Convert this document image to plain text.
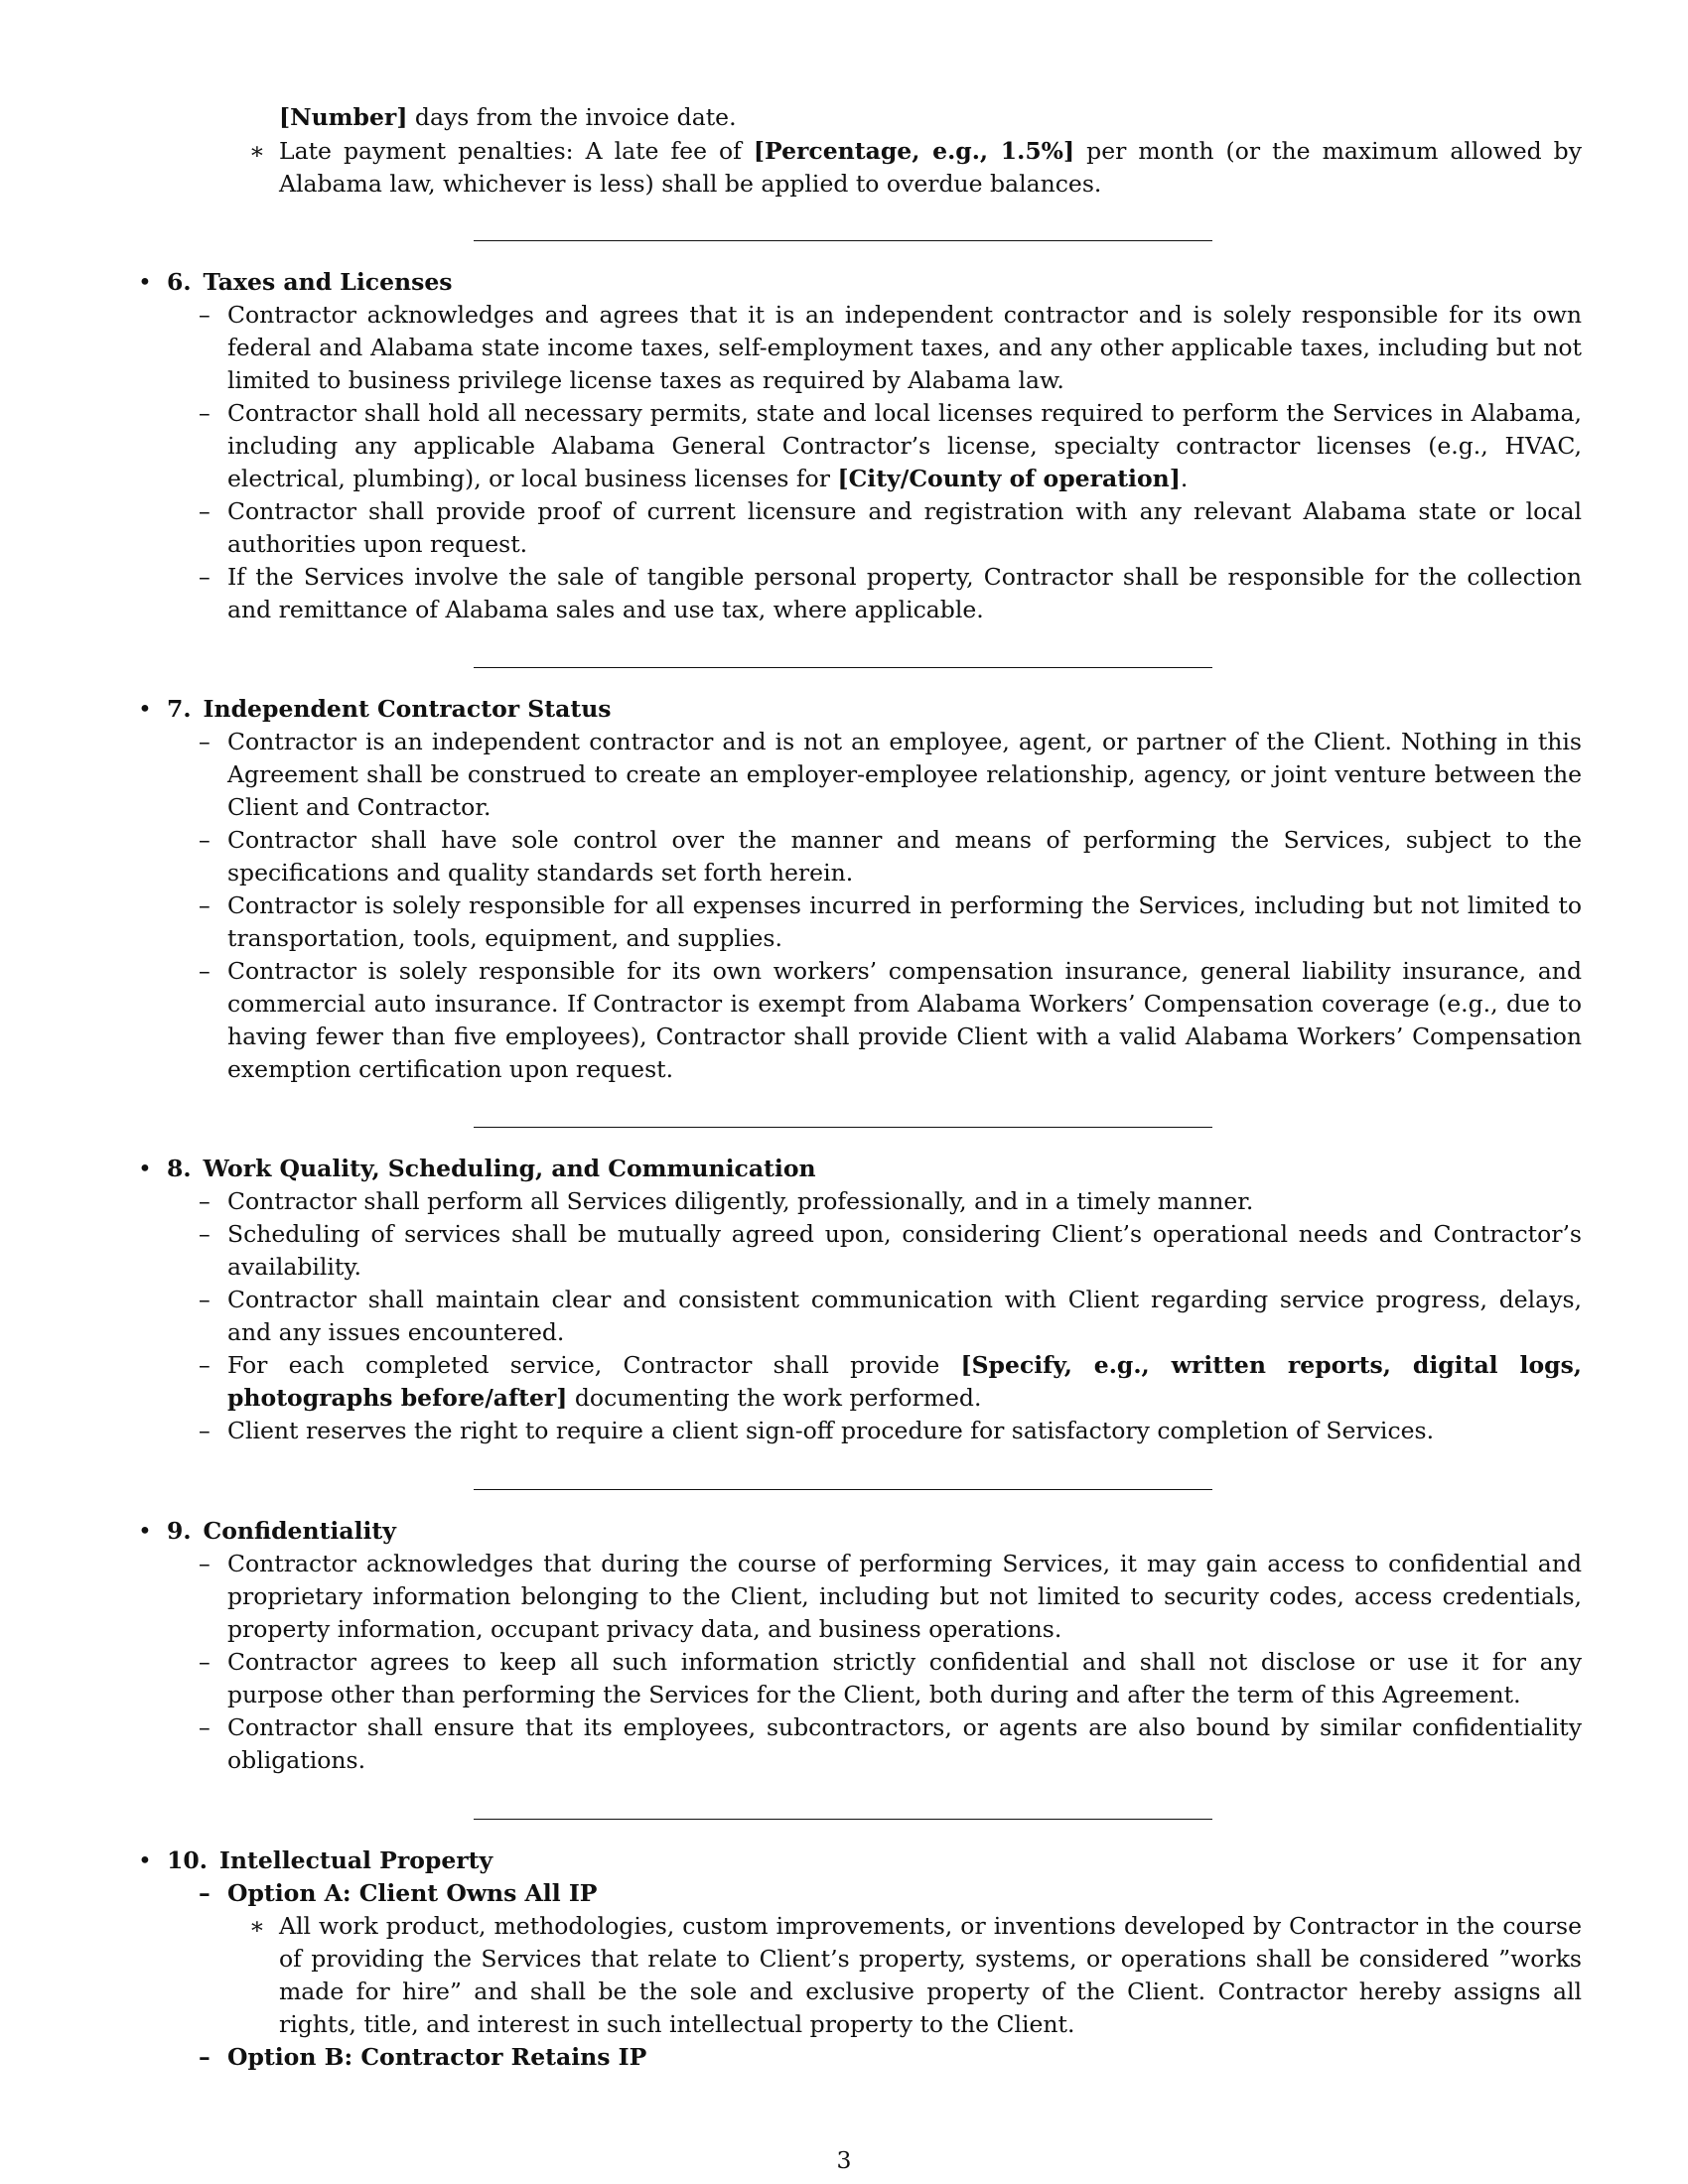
[Number] days from the invoice date.
∗ Late payment penalties: A late fee of [Percentage, e.g., 1.5%] per month (or the maximum allowed by Alabama law, whichever is less) shall be applied to overdue balances.
• 6. Taxes and Licenses
– Contractor acknowledges and agrees that it is an independent contractor and is solely responsible for its own federal and Alabama state income taxes, self-employment taxes, and any other applicable taxes, including but not limited to business privilege license taxes as required by Alabama law.
– Contractor shall hold all necessary permits, state and local licenses required to perform the Services in Alabama, including any applicable Alabama General Contractor’s license, specialty contractor licenses (e.g., HVAC, electrical, plumbing), or local business licenses for [City/County of operation].
– Contractor shall provide proof of current licensure and registration with any relevant Alabama state or local authorities upon request.
– If the Services involve the sale of tangible personal property, Contractor shall be responsible for the collection and remittance of Alabama sales and use tax, where applicable.
• 7. Independent Contractor Status
– Contractor is an independent contractor and is not an employee, agent, or partner of the Client. Nothing in this Agreement shall be construed to create an employer-employee relationship, agency, or joint venture between the Client and Contractor.
– Contractor shall have sole control over the manner and means of performing the Services, subject to the specifications and quality standards set forth herein.
– Contractor is solely responsible for all expenses incurred in performing the Services, including but not limited to transportation, tools, equipment, and supplies.
– Contractor is solely responsible for its own workers’ compensation insurance, general liability insurance, and commercial auto insurance. If Contractor is exempt from Alabama Workers’ Compensation coverage (e.g., due to having fewer than five employees), Contractor shall provide Client with a valid Alabama Workers’ Compensation exemption certification upon request.
• 8. Work Quality, Scheduling, and Communication
– Contractor shall perform all Services diligently, professionally, and in a timely manner.
– Scheduling of services shall be mutually agreed upon, considering Client’s operational needs and Contractor’s availability.
– Contractor shall maintain clear and consistent communication with Client regarding service progress, delays, and any issues encountered.
– For each completed service, Contractor shall provide [Specify, e.g., written reports, digital logs, photographs before/after] documenting the work performed.
– Client reserves the right to require a client sign-off procedure for satisfactory completion of Services.
• 9. Confidentiality
– Contractor acknowledges that during the course of performing Services, it may gain access to confidential and proprietary information belonging to the Client, including but not limited to security codes, access credentials, property information, occupant privacy data, and business operations.
– Contractor agrees to keep all such information strictly confidential and shall not disclose or use it for any purpose other than performing the Services for the Client, both during and after the term of this Agreement.
– Contractor shall ensure that its employees, subcontractors, or agents are also bound by similar confidentiality obligations.
• 10. Intellectual Property
– Option A: Client Owns All IP
∗ All work product, methodologies, custom improvements, or inventions developed by Contractor in the course of providing the Services that relate to Client’s property, systems, or operations shall be considered ”works made for hire” and shall be the sole and exclusive property of the Client. Contractor hereby assigns all rights, title, and interest in such intellectual property to the Client.
– Option B: Contractor Retains IP
3
